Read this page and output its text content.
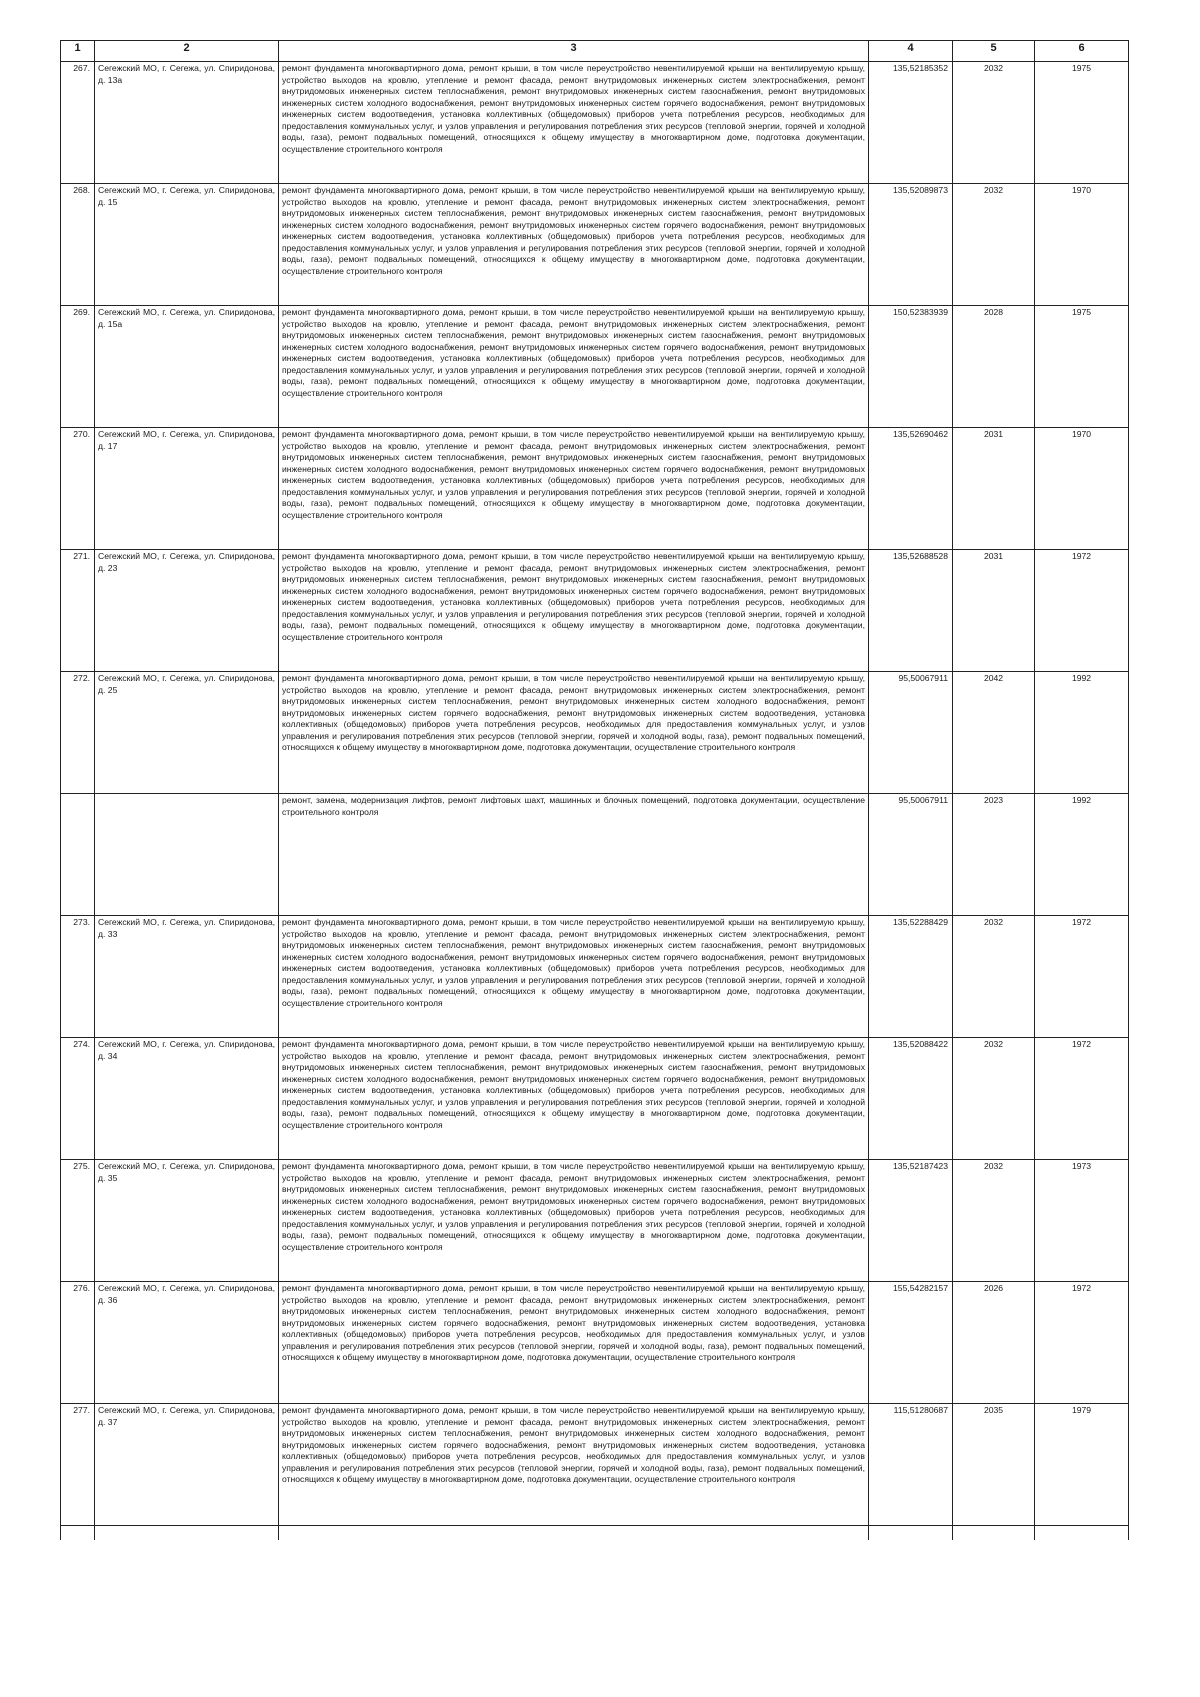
1	2	3	4	5	6
267.	Сегежский МО, г. Сегежа, ул. Спиридонова, д. 13а	ремонт фундамента многоквартирного дома, ремонт крыши, в том числе переустройство невентилируемой крыши на вентилируемую крышу, устройство выходов на кровлю, утепление и ремонт фасада, ремонт внутридомовых инженерных систем электроснабжения, ремонт внутридомовых инженерных систем теплоснабжения, ремонт внутридомовых инженерных систем газоснабжения, ремонт внутридомовых инженерных систем холодного водоснабжения, ремонт внутридомовых инженерных систем горячего водоснабжения, ремонт внутридомовых инженерных систем водоотведения, установка коллективных (общедомовых) приборов учета потребления ресурсов, необходимых для предоставления коммунальных услуг, и узлов управления и регулирования потребления этих ресурсов (тепловой энергии, горячей и холодной воды, газа), ремонт подвальных помещений, относящихся к общему имуществу в многоквартирном доме, подготовка документации, осуществление строительного контроля	135,52185352	2032	1975
268.	Сегежский МО, г. Сегежа, ул. Спиридонова, д. 15	ремонт фундамента многоквартирного дома, ремонт крыши, в том числе переустройство невентилируемой крыши на вентилируемую крышу, устройство выходов на кровлю, утепление и ремонт фасада, ремонт внутридомовых инженерных систем электроснабжения, ремонт внутридомовых инженерных систем теплоснабжения, ремонт внутридомовых инженерных систем газоснабжения, ремонт внутридомовых инженерных систем холодного водоснабжения, ремонт внутридомовых инженерных систем горячего водоснабжения, ремонт внутридомовых инженерных систем водоотведения, установка коллективных (общедомовых) приборов учета потребления ресурсов, необходимых для предоставления коммунальных услуг, и узлов управления и регулирования потребления этих ресурсов (тепловой энергии, горячей и холодной воды, газа), ремонт подвальных помещений, относящихся к общему имуществу в многоквартирном доме, подготовка документации, осуществление строительного контроля	135,52089873	2032	1970
269.	Сегежский МО, г. Сегежа, ул. Спиридонова, д. 15а	ремонт фундамента многоквартирного дома, ремонт крыши, в том числе переустройство невентилируемой крыши на вентилируемую крышу, устройство выходов на кровлю, утепление и ремонт фасада, ремонт внутридомовых инженерных систем электроснабжения, ремонт внутридомовых инженерных систем теплоснабжения, ремонт внутридомовых инженерных систем газоснабжения, ремонт внутридомовых инженерных систем холодного водоснабжения, ремонт внутридомовых инженерных систем горячего водоснабжения, ремонт внутридомовых инженерных систем водоотведения, установка коллективных (общедомовых) приборов учета потребления ресурсов, необходимых для предоставления коммунальных услуг, и узлов управления и регулирования потребления этих ресурсов (тепловой энергии, горячей и холодной воды, газа), ремонт подвальных помещений, относящихся к общему имуществу в многоквартирном доме, подготовка документации, осуществление строительного контроля	150,52383939	2028	1975
270.	Сегежский МО, г. Сегежа, ул. Спиридонова, д. 17	ремонт фундамента многоквартирного дома, ремонт крыши, в том числе переустройство невентилируемой крыши на вентилируемую крышу, устройство выходов на кровлю, утепление и ремонт фасада, ремонт внутридомовых инженерных систем электроснабжения, ремонт внутридомовых инженерных систем теплоснабжения, ремонт внутридомовых инженерных систем газоснабжения, ремонт внутридомовых инженерных систем холодного водоснабжения, ремонт внутридомовых инженерных систем горячего водоснабжения, ремонт внутридомовых инженерных систем водоотведения, установка коллективных (общедомовых) приборов учета потребления ресурсов, необходимых для предоставления коммунальных услуг, и узлов управления и регулирования потребления этих ресурсов (тепловой энергии, горячей и холодной воды, газа), ремонт подвальных помещений, относящихся к общему имуществу в многоквартирном доме, подготовка документации, осуществление строительного контроля	135,52690462	2031	1970
271.	Сегежский МО, г. Сегежа, ул. Спиридонова, д. 23	ремонт фундамента многоквартирного дома, ремонт крыши, в том числе переустройство невентилируемой крыши на вентилируемую крышу, устройство выходов на кровлю, утепление и ремонт фасада, ремонт внутридомовых инженерных систем электроснабжения, ремонт внутридомовых инженерных систем теплоснабжения, ремонт внутридомовых инженерных систем газоснабжения, ремонт внутридомовых инженерных систем холодного водоснабжения, ремонт внутридомовых инженерных систем горячего водоснабжения, ремонт внутридомовых инженерных систем водоотведения, установка коллективных (общедомовых) приборов учета потребления ресурсов, необходимых для предоставления коммунальных услуг, и узлов управления и регулирования потребления этих ресурсов (тепловой энергии, горячей и холодной воды, газа), ремонт подвальных помещений, относящихся к общему имуществу в многоквартирном доме, подготовка документации, осуществление строительного контроля	135,52688528	2031	1972
272.	Сегежский МО, г. Сегежа, ул. Спиридонова, д. 25	ремонт фундамента многоквартирного дома, ремонт крыши, в том числе переустройство невентилируемой крыши на вентилируемую крышу, устройство выходов на кровлю, утепление и ремонт фасада, ремонт внутридомовых инженерных систем электроснабжения, ремонт внутридомовых инженерных систем теплоснабжения, ремонт внутридомовых инженерных систем холодного водоснабжения, ремонт внутридомовых инженерных систем горячего водоснабжения, ремонт внутридомовых инженерных систем водоотведения, установка коллективных (общедомовых) приборов учета потребления ресурсов, необходимых для предоставления коммунальных услуг, и узлов управления и регулирования потребления этих ресурсов (тепловой энергии, горячей и холодной воды, газа), ремонт подвальных помещений, относящихся к общему имуществу в многоквартирном доме, подготовка документации, осуществление строительного контроля	95,50067911	2042	1992
		ремонт, замена, модернизация лифтов, ремонт лифтовых шахт, машинных и блочных помещений, подготовка документации, осуществление строительного контроля	95,50067911	2023	1992
273.	Сегежский МО, г. Сегежа, ул. Спиридонова, д. 33	ремонт фундамента многоквартирного дома, ремонт крыши, в том числе переустройство невентилируемой крыши на вентилируемую крышу, устройство выходов на кровлю, утепление и ремонт фасада, ремонт внутридомовых инженерных систем электроснабжения, ремонт внутридомовых инженерных систем теплоснабжения, ремонт внутридомовых инженерных систем газоснабжения, ремонт внутридомовых инженерных систем холодного водоснабжения, ремонт внутридомовых инженерных систем горячего водоснабжения, ремонт внутридомовых инженерных систем водоотведения, установка коллективных (общедомовых) приборов учета потребления ресурсов, необходимых для предоставления коммунальных услуг, и узлов управления и регулирования потребления этих ресурсов (тепловой энергии, горячей и холодной воды, газа), ремонт подвальных помещений, относящихся к общему имуществу в многоквартирном доме, подготовка документации, осуществление строительного контроля	135,52288429	2032	1972
274.	Сегежский МО, г. Сегежа, ул. Спиридонова, д. 34	ремонт фундамента многоквартирного дома, ремонт крыши, в том числе переустройство невентилируемой крыши на вентилируемую крышу, устройство выходов на кровлю, утепление и ремонт фасада, ремонт внутридомовых инженерных систем электроснабжения, ремонт внутридомовых инженерных систем теплоснабжения, ремонт внутридомовых инженерных систем газоснабжения, ремонт внутридомовых инженерных систем холодного водоснабжения, ремонт внутридомовых инженерных систем горячего водоснабжения, ремонт внутридомовых инженерных систем водоотведения, установка коллективных (общедомовых) приборов учета потребления ресурсов, необходимых для предоставления коммунальных услуг, и узлов управления и регулирования потребления этих ресурсов (тепловой энергии, горячей и холодной воды, газа), ремонт подвальных помещений, относящихся к общему имуществу в многоквартирном доме, подготовка документации, осуществление строительного контроля	135,52088422	2032	1972
275.	Сегежский МО, г. Сегежа, ул. Спиридонова, д. 35	ремонт фундамента многоквартирного дома, ремонт крыши, в том числе переустройство невентилируемой крыши на вентилируемую крышу, устройство выходов на кровлю, утепление и ремонт фасада, ремонт внутридомовых инженерных систем электроснабжения, ремонт внутридомовых инженерных систем теплоснабжения, ремонт внутридомовых инженерных систем газоснабжения, ремонт внутридомовых инженерных систем холодного водоснабжения, ремонт внутридомовых инженерных систем горячего водоснабжения, ремонт внутридомовых инженерных систем водоотведения, установка коллективных (общедомовых) приборов учета потребления ресурсов, необходимых для предоставления коммунальных услуг, и узлов управления и регулирования потребления этих ресурсов (тепловой энергии, горячей и холодной воды, газа), ремонт подвальных помещений, относящихся к общему имуществу в многоквартирном доме, подготовка документации, осуществление строительного контроля	135,52187423	2032	1973
276.	Сегежский МО, г. Сегежа, ул. Спиридонова, д. 36	ремонт фундамента многоквартирного дома, ремонт крыши, в том числе переустройство невентилируемой крыши на вентилируемую крышу, устройство выходов на кровлю, утепление и ремонт фасада, ремонт внутридомовых инженерных систем электроснабжения, ремонт внутридомовых инженерных систем теплоснабжения, ремонт внутридомовых инженерных систем холодного водоснабжения, ремонт внутридомовых инженерных систем горячего водоснабжения, ремонт внутридомовых инженерных систем водоотведения, установка коллективных (общедомовых) приборов учета потребления ресурсов, необходимых для предоставления коммунальных услуг, и узлов управления и регулирования потребления этих ресурсов (тепловой энергии, горячей и холодной воды, газа), ремонт подвальных помещений, относящихся к общему имуществу в многоквартирном доме, подготовка документации, осуществление строительного контроля	155,54282157	2026	1972
277.	Сегежский МО, г. Сегежа, ул. Спиридонова, д. 37	ремонт фундамента многоквартирного дома, ремонт крыши, в том числе переустройство невентилируемой крыши на вентилируемую крышу, устройство выходов на кровлю, утепление и ремонт фасада, ремонт внутридомовых инженерных систем электроснабжения, ремонт внутридомовых инженерных систем теплоснабжения, ремонт внутридомовых инженерных систем холодного водоснабжения, ремонт внутридомовых инженерных систем горячего водоснабжения, ремонт внутридомовых инженерных систем водоотведения, установка коллективных (общедомовых) приборов учета потребления ресурсов, необходимых для предоставления коммунальных услуг, и узлов управления и регулирования потребления этих ресурсов (тепловой энергии, горячей и холодной воды, газа), ремонт подвальных помещений, относящихся к общему имуществу в многоквартирном доме, подготовка документации, осуществление строительного контроля	115,51280687	2035	1979
